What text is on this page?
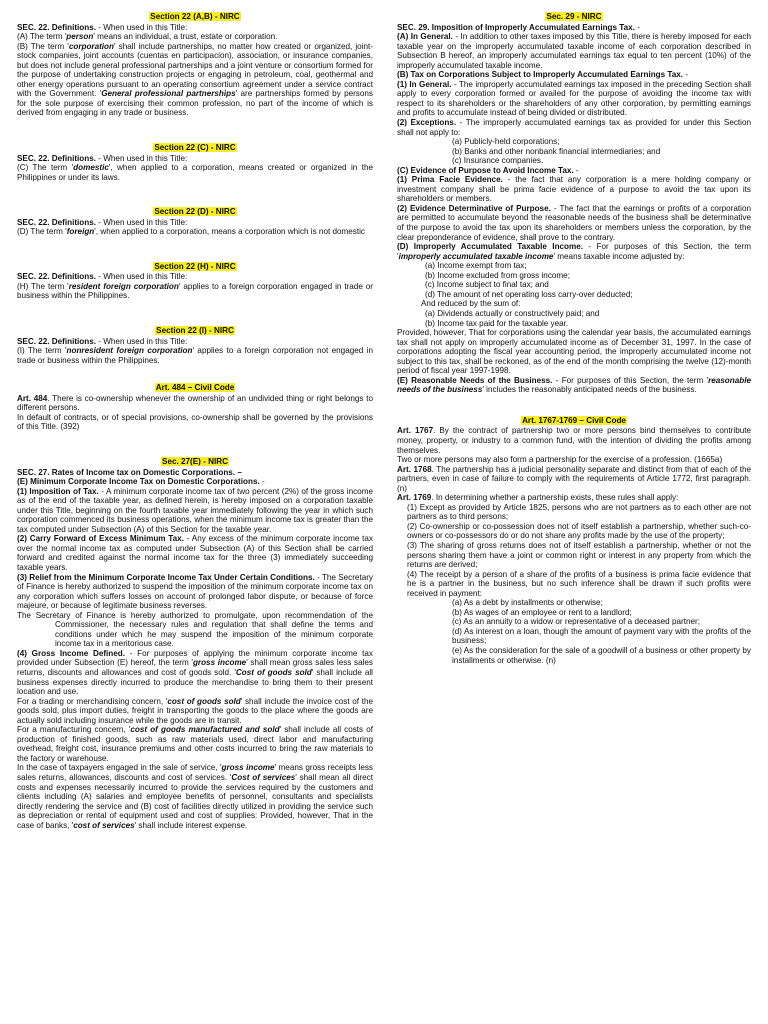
Section 22 (A,B) - NIRC

SEC. 22. Definitions. - When used in this Title:

(A) The term 'person' means an individual, a trust, estate or corporation.

(B) The term 'corporation' shall include partnerships, no matter how created or organized, joint-stock companies, joint accounts (cuentas en participacion), association, or insurance companies, but does not include general professional partnerships and a joint venture or consortium formed for the purpose of undertaking construction projects or engaging in petroleum, coal, geothermal and other energy operations pursuant to an operating consortium agreement under a service contract with the Government. 'General professional partnerships' are partnerships formed by persons for the sole purpose of exercising their common profession, no part of the income of which is derived from engaging in any trade or business.

Section 22 (C) - NIRC

SEC. 22. Definitions. - When used in this Title:

(C) The term 'domestic', when applied to a corporation, means created or organized in the Philippines or under its laws.

Section 22 (D) - NIRC

SEC. 22. Definitions. - When used in this Title:

(D) The term 'foreign', when applied to a corporation, means a corporation which is not domestic

Section 22 (H) - NIRC

SEC. 22. Definitions. - When used in this Title:

(H) The term 'resident foreign corporation' applies to a foreign corporation engaged in trade or business within the Philippines.

Section 22 (I) - NIRC

SEC. 22. Definitions. - When used in this Title:

(I) The term 'nonresident foreign corporation' applies to a foreign corporation not engaged in trade or business within the Philippines.

Art. 484 – Civil Code

Art. 484. There is co-ownership whenever the ownership of an undivided thing or right belongs to different persons.

In default of contracts, or of special provisions, co-ownership shall be governed by the provisions of this Title. (392)

Sec. 27(E) - NIRC

SEC. 27. Rates of Income tax on Domestic Corporations. –

(E) Minimum Corporate Income Tax on Domestic Corporations. -

(1) Imposition of Tax. - A minimum corporate income tax of two percent (2%) of the gross income as of the end of the taxable year, as defined herein, is hereby imposed on a corporation taxable under this Title, beginning on the fourth taxable year immediately following the year in which such corporation commenced its business operations, when the minimum income tax is greater than the tax computed under Subsection (A) of this Section for the taxable year.

(2) Carry Forward of Excess Minimum Tax. - Any excess of the minimum corporate income tax over the normal income tax as computed under Subsection (A) of this Section shall be carried forward and credited against the normal income tax for the three (3) immediately succeeding taxable years.

(3) Relief from the Minimum Corporate Income Tax Under Certain Conditions. - The Secretary of Finance is hereby authorized to suspend the imposition of the minimum corporate income tax on any corporation which suffers losses on account of prolonged labor dispute, or because of force majeure, or because of legitimate business reverses.

The Secretary of Finance is hereby authorized to promulgate, upon recommendation of the Commissioner, the necessary rules and regulation that shall define the terms and conditions under which he may suspend the imposition of the minimum corporate income tax in a meritorious case.

(4) Gross Income Defined. - For purposes of applying the minimum corporate income tax provided under Subsection (E) hereof, the term 'gross income' shall mean gross sales less sales returns, discounts and allowances and cost of goods sold. 'Cost of goods sold' shall include all business expenses directly incurred to produce the merchandise to bring them to their present location and use.

For a trading or merchandising concern, 'cost of goods sold' shall include the invoice cost of the goods sold, plus import duties, freight in transporting the goods to the place where the goods are actually sold including insurance while the goods are in transit.

For a manufacturing concern, 'cost of goods manufactured and sold' shall include all costs of production of finished goods, such as raw materials used, direct labor and manufacturing overhead, freight cost, insurance premiums and other costs incurred to bring the raw materials to the factory or warehouse.

In the case of taxpayers engaged in the sale of service, 'gross income' means gross receipts less sales returns, allowances, discounts and cost of services. 'Cost of services' shall mean all direct costs and expenses necessarily incurred to provide the services required by the customers and clients including (A) salaries and employee benefits of personnel, consultants and specialists directly rendering the service and (B) cost of facilities directly utilized in providing the service such as depreciation or rental of equipment used and cost of supplies: Provided, however, That in the case of banks, 'cost of services' shall include interest expense.

Sec. 29 - NIRC

SEC. 29. Imposition of Improperly Accumulated Earnings Tax. -

(A) In General. - In addition to other taxes imposed by this Title, there is hereby imposed for each taxable year on the improperly accumulated taxable income of each corporation described in Subsection B hereof, an improperly accumulated earnings tax equal to ten percent (10%) of the improperly accumulated taxable income.

(B) Tax on Corporations Subject to Improperly Accumulated Earnings Tax. -

(1) In General. - The improperly accumulated earnings tax imposed in the preceding Section shall apply to every corporation formed or availed for the purpose of avoiding the income tax with respect to its shareholders or the shareholders of any other corporation, by permitting earnings and profits to accumulate instead of being divided or distributed.

(2) Exceptions. - The improperly accumulated earnings tax as provided for under this Section shall not apply to:

(a) Publicly-held corporations;

(b) Banks and other nonbank financial intermediaries; and

(c) Insurance companies.

(C) Evidence of Purpose to Avoid Income Tax. -

(1) Prima Facie Evidence. - the fact that any corporation is a mere holding company or investment company shall be prima facie evidence of a purpose to avoid the tax upon its shareholders or members.

(2) Evidence Determinative of Purpose. - The fact that the earnings or profits of a corporation are permitted to accumulate beyond the reasonable needs of the business shall be determinative of the purpose to avoid the tax upon its shareholders or members unless the corporation, by the clear preponderance of evidence, shall prove to the contrary.

(D) Improperly Accumulated Taxable Income. - For purposes of this Section, the term 'improperly accumulated taxable income' means taxable income adjusted by:

(a) Income exempt from tax;

(b) Income excluded from gross income;

(c) Income subject to final tax; and

(d) The amount of net operating loss carry-over deducted;

And reduced by the sum of:

(a) Dividends actually or constructively paid; and

(b) Income tax paid for the taxable year.

Provided, however, That for corporations using the calendar year basis, the accumulated earnings tax shall not apply on improperly accumulated income as of December 31, 1997. In the case of corporations adopting the fiscal year accounting period, the improperly accumulated income not subject to this tax, shall be reckoned, as of the end of the month comprising the twelve (12)-month period of fiscal year 1997-1998.

(E) Reasonable Needs of the Business. - For purposes of this Section, the term 'reasonable needs of the business' includes the reasonably anticipated needs of the business.

Art. 1767-1769 – Civil Code

Art. 1767. By the contract of partnership two or more persons bind themselves to contribute money, property, or industry to a common fund, with the intention of dividing the profits among themselves.

Two or more persons may also form a partnership for the exercise of a profession. (1665a)

Art. 1768. The partnership has a judicial personality separate and distinct from that of each of the partners, even in case of failure to comply with the requirements of Article 1772, first paragraph. (n)

Art. 1769. In determining whether a partnership exists, these rules shall apply:

(1) Except as provided by Article 1825, persons who are not partners as to each other are not partners as to third persons;

(2) Co-ownership or co-possession does not of itself establish a partnership, whether such-co-owners or co-possessors do or do not share any profits made by the use of the property;

(3) The sharing of gross returns does not of itself establish a partnership, whether or not the persons sharing them have a joint or common right or interest in any property from which the returns are derived;

(4) The receipt by a person of a share of the profits of a business is prima facie evidence that he is a partner in the business, but no such inference shall be drawn if such profits were received in payment:

(a) As a debt by installments or otherwise;

(b) As wages of an employee or rent to a landlord;

(c) As an annuity to a widow or representative of a deceased partner;

(d) As interest on a loan, though the amount of payment vary with the profits of the business;

(e) As the consideration for the sale of a goodwill of a business or other property by installments or otherwise. (n)
